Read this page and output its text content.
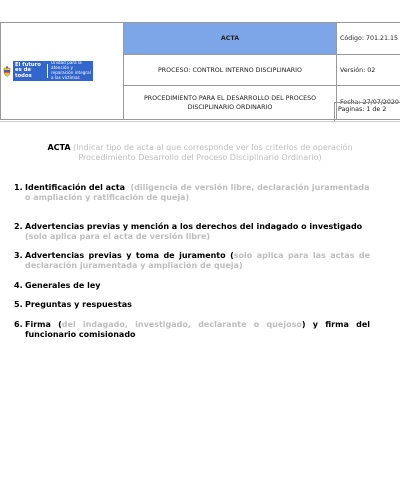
El futuro es de todos
Unidad para la atención y reparación integral a las víctimas	ACTA	Código: 701.21.15
	PROCESO: CONTROL INTERNO DISCIPLINARIO	Versión: 02
	PROCEDIMIENTO PARA EL DESARROLLO DEL PROCESO DISCIPLINARIO ORDINARIO	Fecha: 27/07/2020
Paginas: 1 de 2
ACTA (Indicar tipo de acta al que corresponde ver los criterios de operación Procedimiento Desarrollo del Proceso Disciplinario Ordinario)
1. Identificación del acta (diligencia de versión libre, declaración juramentada o ampliación y ratificación de queja)
2. Advertencias previas y mención a los derechos del indagado o investigado (solo aplica para el acta de versión libre)
3. Advertencias previas y toma de juramento (solo aplica para las actas de declaración juramentada y ampliación de queja)
4. Generales de ley
5. Preguntas y respuestas
6. Firma (del indagado, investigado, declarante o quejoso) y firma del funcionario comisionado
